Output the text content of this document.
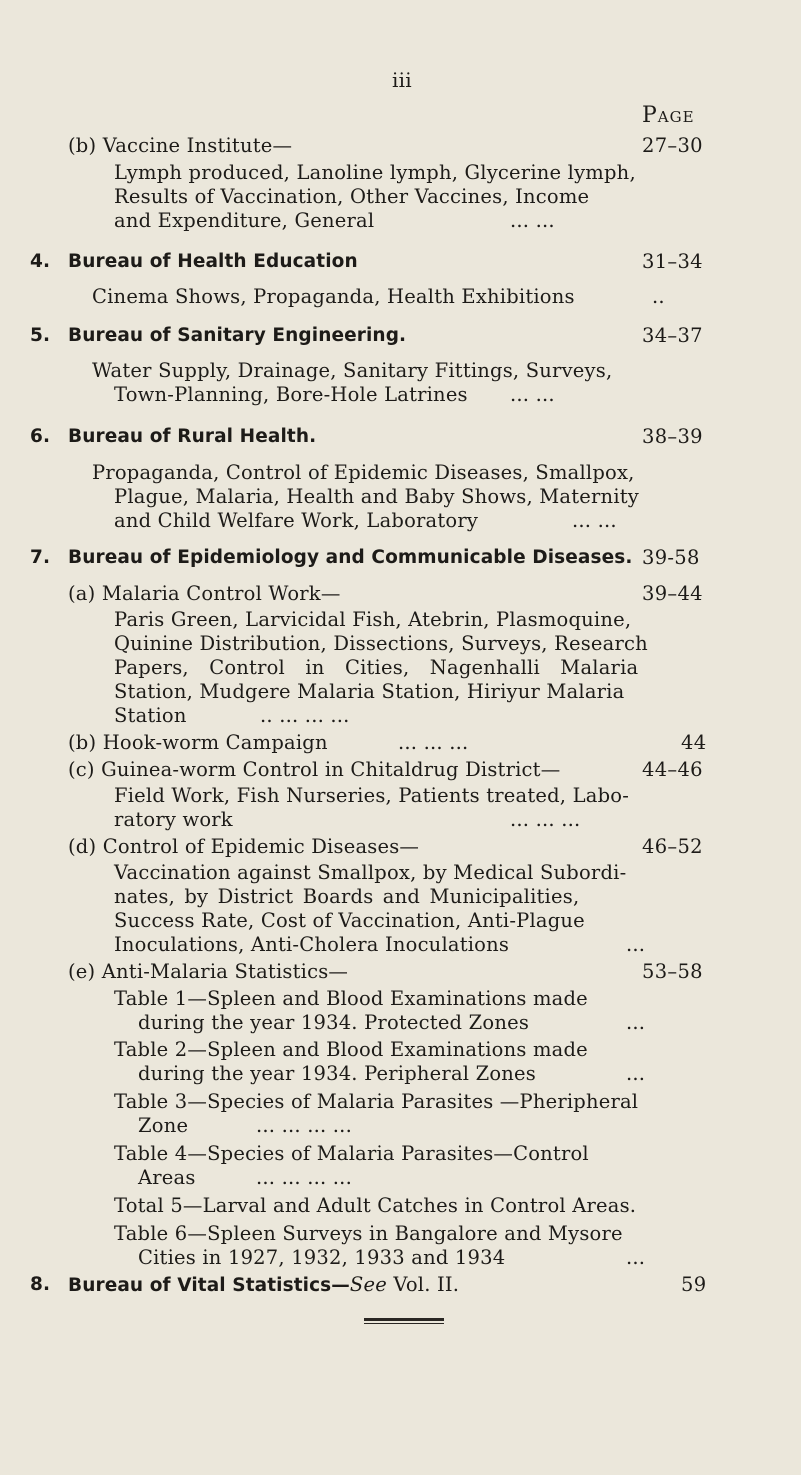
iii
Page
(b) Vaccine Institute—	27–30
Lymph produced, Lanoline lymph, Glycerine lymph,
Results of Vaccination, Other Vaccines, Income
and Expenditure, General	... ...
4. Bureau of Health Education	31–34
Cinema Shows, Propaganda, Health Exhibitions	..
5. Bureau of Sanitary Engineering.	34–37
Water Supply, Drainage, Sanitary Fittings, Surveys,
Town-Planning, Bore-Hole Latrines ... ...
6. Bureau of Rural Health.	38–39
Propaganda, Control of Epidemic Diseases, Smallpox,
Plague, Malaria, Health and Baby Shows, Maternity
and Child Welfare Work, Laboratory	... ...
7. Bureau of Epidemiology and Communicable Diseases. 39-58
(a) Malaria Control Work—	39–44
Paris Green, Larvicidal Fish, Atebrin, Plasmoquine,
Quinine Distribution, Dissections, Surveys, Research
Papers, Control in Cities, Nagenhalli Malaria
Station, Mudgere Malaria Station, Hiriyur Malaria
Station	.. ... ... ...
(b) Hook-worm Campaign	... ... ...	44
(c) Guinea-worm Control in Chitaldrug District—	44–46
Field Work, Fish Nurseries, Patients treated, Labo-
ratory work	... ... ...
(d) Control of Epidemic Diseases—	46–52
Vaccination against Smallpox, by Medical Subordi-
nates, by District Boards and Municipalities,
Success Rate, Cost of Vaccination, Anti-Plague
Inoculations, Anti-Cholera Inoculations	...
(e) Anti-Malaria Statistics—	53–58
Table 1—Spleen and Blood Examinations made
during the year 1934. Protected Zones	...
Table 2—Spleen and Blood Examinations made
during the year 1934. Peripheral Zones	...
Table 3—Species of Malaria Parasites —Pheripheral
Zone	... ... ... ...
Table 4—Species of Malaria Parasites—Control
Areas	... ... ... ...
Total 5—Larval and Adult Catches in Control Areas.
Table 6—Spleen Surveys in Bangalore and Mysore
Cities in 1927, 1932, 1933 and 1934	...
8. Bureau of Vital Statistics—See Vol. II.	59
